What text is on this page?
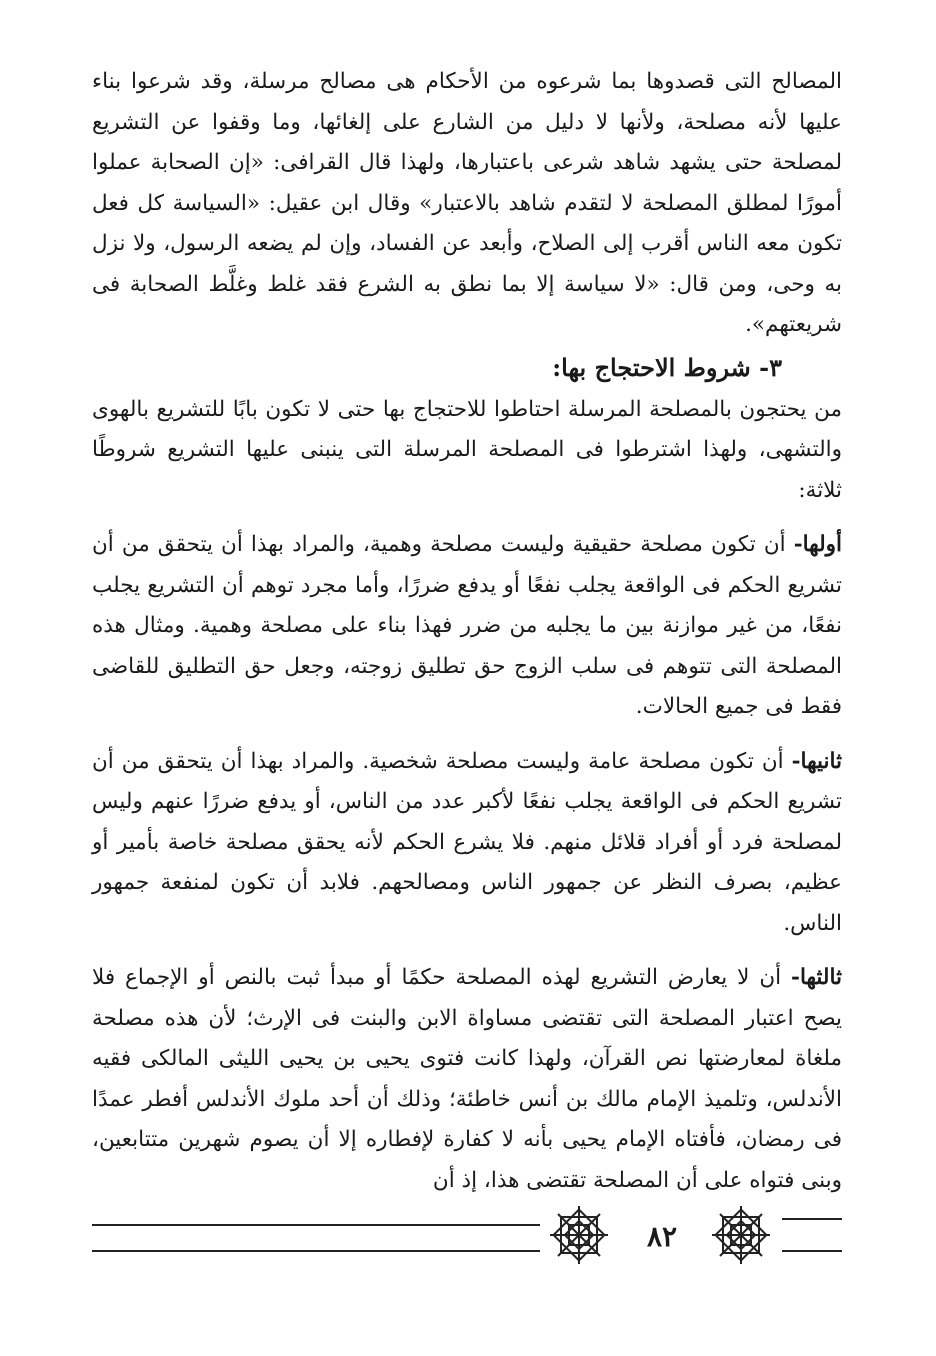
المصالح التى قصدوها بما شرعوه من الأحكام هى مصالح مرسلة، وقد شرعوا بناء عليها لأنه مصلحة، ولأنها لا دليل من الشارع على إلغائها، وما وقفوا عن التشريع لمصلحة حتى يشهد شاهد شرعى باعتبارها، ولهذا قال القرافى: «إن الصحابة عملوا أمورًا لمطلق المصلحة لا لتقدم شاهد بالاعتبار» وقال ابن عقيل: «السياسة كل فعل تكون معه الناس أقرب إلى الصلاح، وأبعد عن الفساد، وإن لم يضعه الرسول، ولا نزل به وحى، ومن قال: «لا سياسة إلا بما نطق به الشرع فقد غلط وغلَّط الصحابة فى شريعتهم».

٣- شروط الاحتجاج بها:

من يحتجون بالمصلحة المرسلة احتاطوا للاحتجاج بها حتى لا تكون بابًا للتشريع بالهوى والتشهى، ولهذا اشترطوا فى المصلحة المرسلة التى ينبنى عليها التشريع شروطًا ثلاثة:

أولها- أن تكون مصلحة حقيقية وليست مصلحة وهمية، والمراد بهذا أن يتحقق من أن تشريع الحكم فى الواقعة يجلب نفعًا أو يدفع ضررًا، وأما مجرد توهم أن التشريع يجلب نفعًا، من غير موازنة بين ما يجلبه من ضرر فهذا بناء على مصلحة وهمية. ومثال هذه المصلحة التى تتوهم فى سلب الزوج حق تطليق زوجته، وجعل حق التطليق للقاضى فقط فى جميع الحالات.

ثانيها- أن تكون مصلحة عامة وليست مصلحة شخصية. والمراد بهذا أن يتحقق من أن تشريع الحكم فى الواقعة يجلب نفعًا لأكبر عدد من الناس، أو يدفع ضررًا عنهم وليس لمصلحة فرد أو أفراد قلائل منهم. فلا يشرع الحكم لأنه يحقق مصلحة خاصة بأمير أو عظيم، بصرف النظر عن جمهور الناس ومصالحهم. فلابد أن تكون لمنفعة جمهور الناس.

ثالثها- أن لا يعارض التشريع لهذه المصلحة حكمًا أو مبدأ ثبت بالنص أو الإجماع فلا يصح اعتبار المصلحة التى تقتضى مساواة الابن والبنت فى الإرث؛ لأن هذه مصلحة ملغاة لمعارضتها نص القرآن، ولهذا كانت فتوى يحيى بن يحيى الليثى المالكى فقيه الأندلس، وتلميذ الإمام مالك بن أنس خاطئة؛ وذلك أن أحد ملوك الأندلس أفطر عمدًا فى رمضان، فأفتاه الإمام يحيى بأنه لا كفارة لإفطاره إلا أن يصوم شهرين متتابعين، وبنى فتواه على أن المصلحة تقتضى هذا، إذ أن

٨٢
